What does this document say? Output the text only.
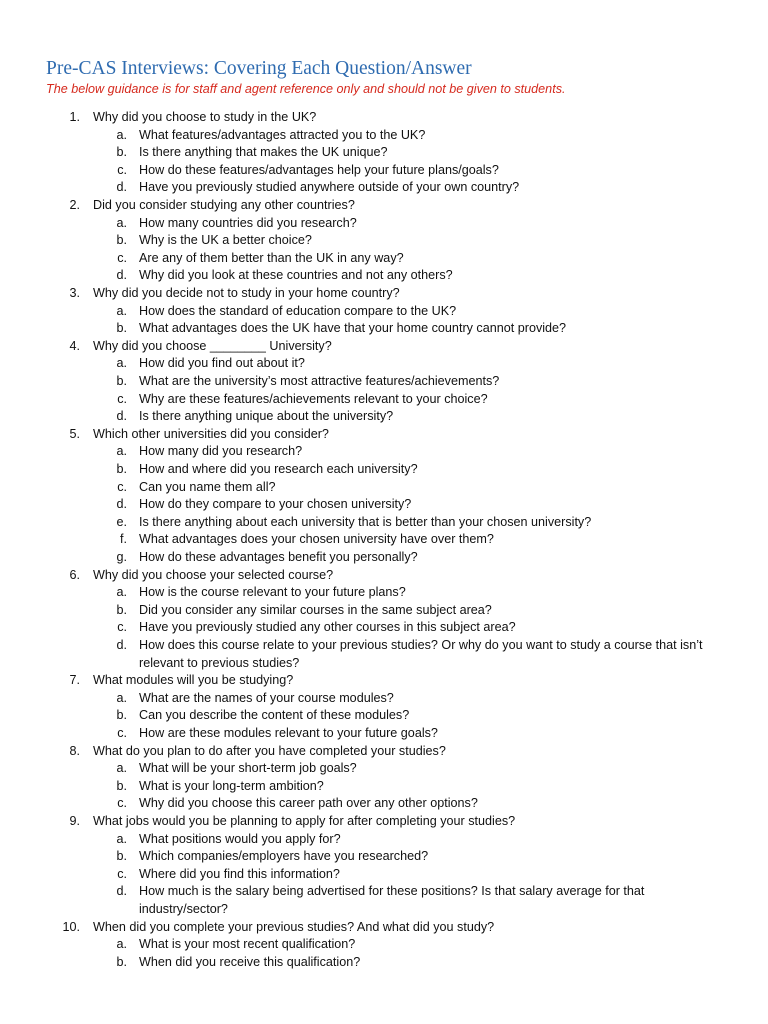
Pre-CAS Interviews: Covering Each Question/Answer
The below guidance is for staff and agent reference only and should not be given to students.
1. Why did you choose to study in the UK?
a. What features/advantages attracted you to the UK?
b. Is there anything that makes the UK unique?
c. How do these features/advantages help your future plans/goals?
d. Have you previously studied anywhere outside of your own country?
2. Did you consider studying any other countries?
a. How many countries did you research?
b. Why is the UK a better choice?
c. Are any of them better than the UK in any way?
d. Why did you look at these countries and not any others?
3. Why did you decide not to study in your home country?
a. How does the standard of education compare to the UK?
b. What advantages does the UK have that your home country cannot provide?
4. Why did you choose ________ University?
a. How did you find out about it?
b. What are the university’s most attractive features/achievements?
c. Why are these features/achievements relevant to your choice?
d. Is there anything unique about the university?
5. Which other universities did you consider?
a. How many did you research?
b. How and where did you research each university?
c. Can you name them all?
d. How do they compare to your chosen university?
e. Is there anything about each university that is better than your chosen university?
f. What advantages does your chosen university have over them?
g. How do these advantages benefit you personally?
6. Why did you choose your selected course?
a. How is the course relevant to your future plans?
b. Did you consider any similar courses in the same subject area?
c. Have you previously studied any other courses in this subject area?
d. How does this course relate to your previous studies? Or why do you want to study a course that isn’t relevant to previous studies?
7. What modules will you be studying?
a. What are the names of your course modules?
b. Can you describe the content of these modules?
c. How are these modules relevant to your future goals?
8. What do you plan to do after you have completed your studies?
a. What will be your short-term job goals?
b. What is your long-term ambition?
c. Why did you choose this career path over any other options?
9. What jobs would you be planning to apply for after completing your studies?
a. What positions would you apply for?
b. Which companies/employers have you researched?
c. Where did you find this information?
d. How much is the salary being advertised for these positions? Is that salary average for that industry/sector?
10. When did you complete your previous studies? And what did you study?
a. What is your most recent qualification?
b. When did you receive this qualification?
